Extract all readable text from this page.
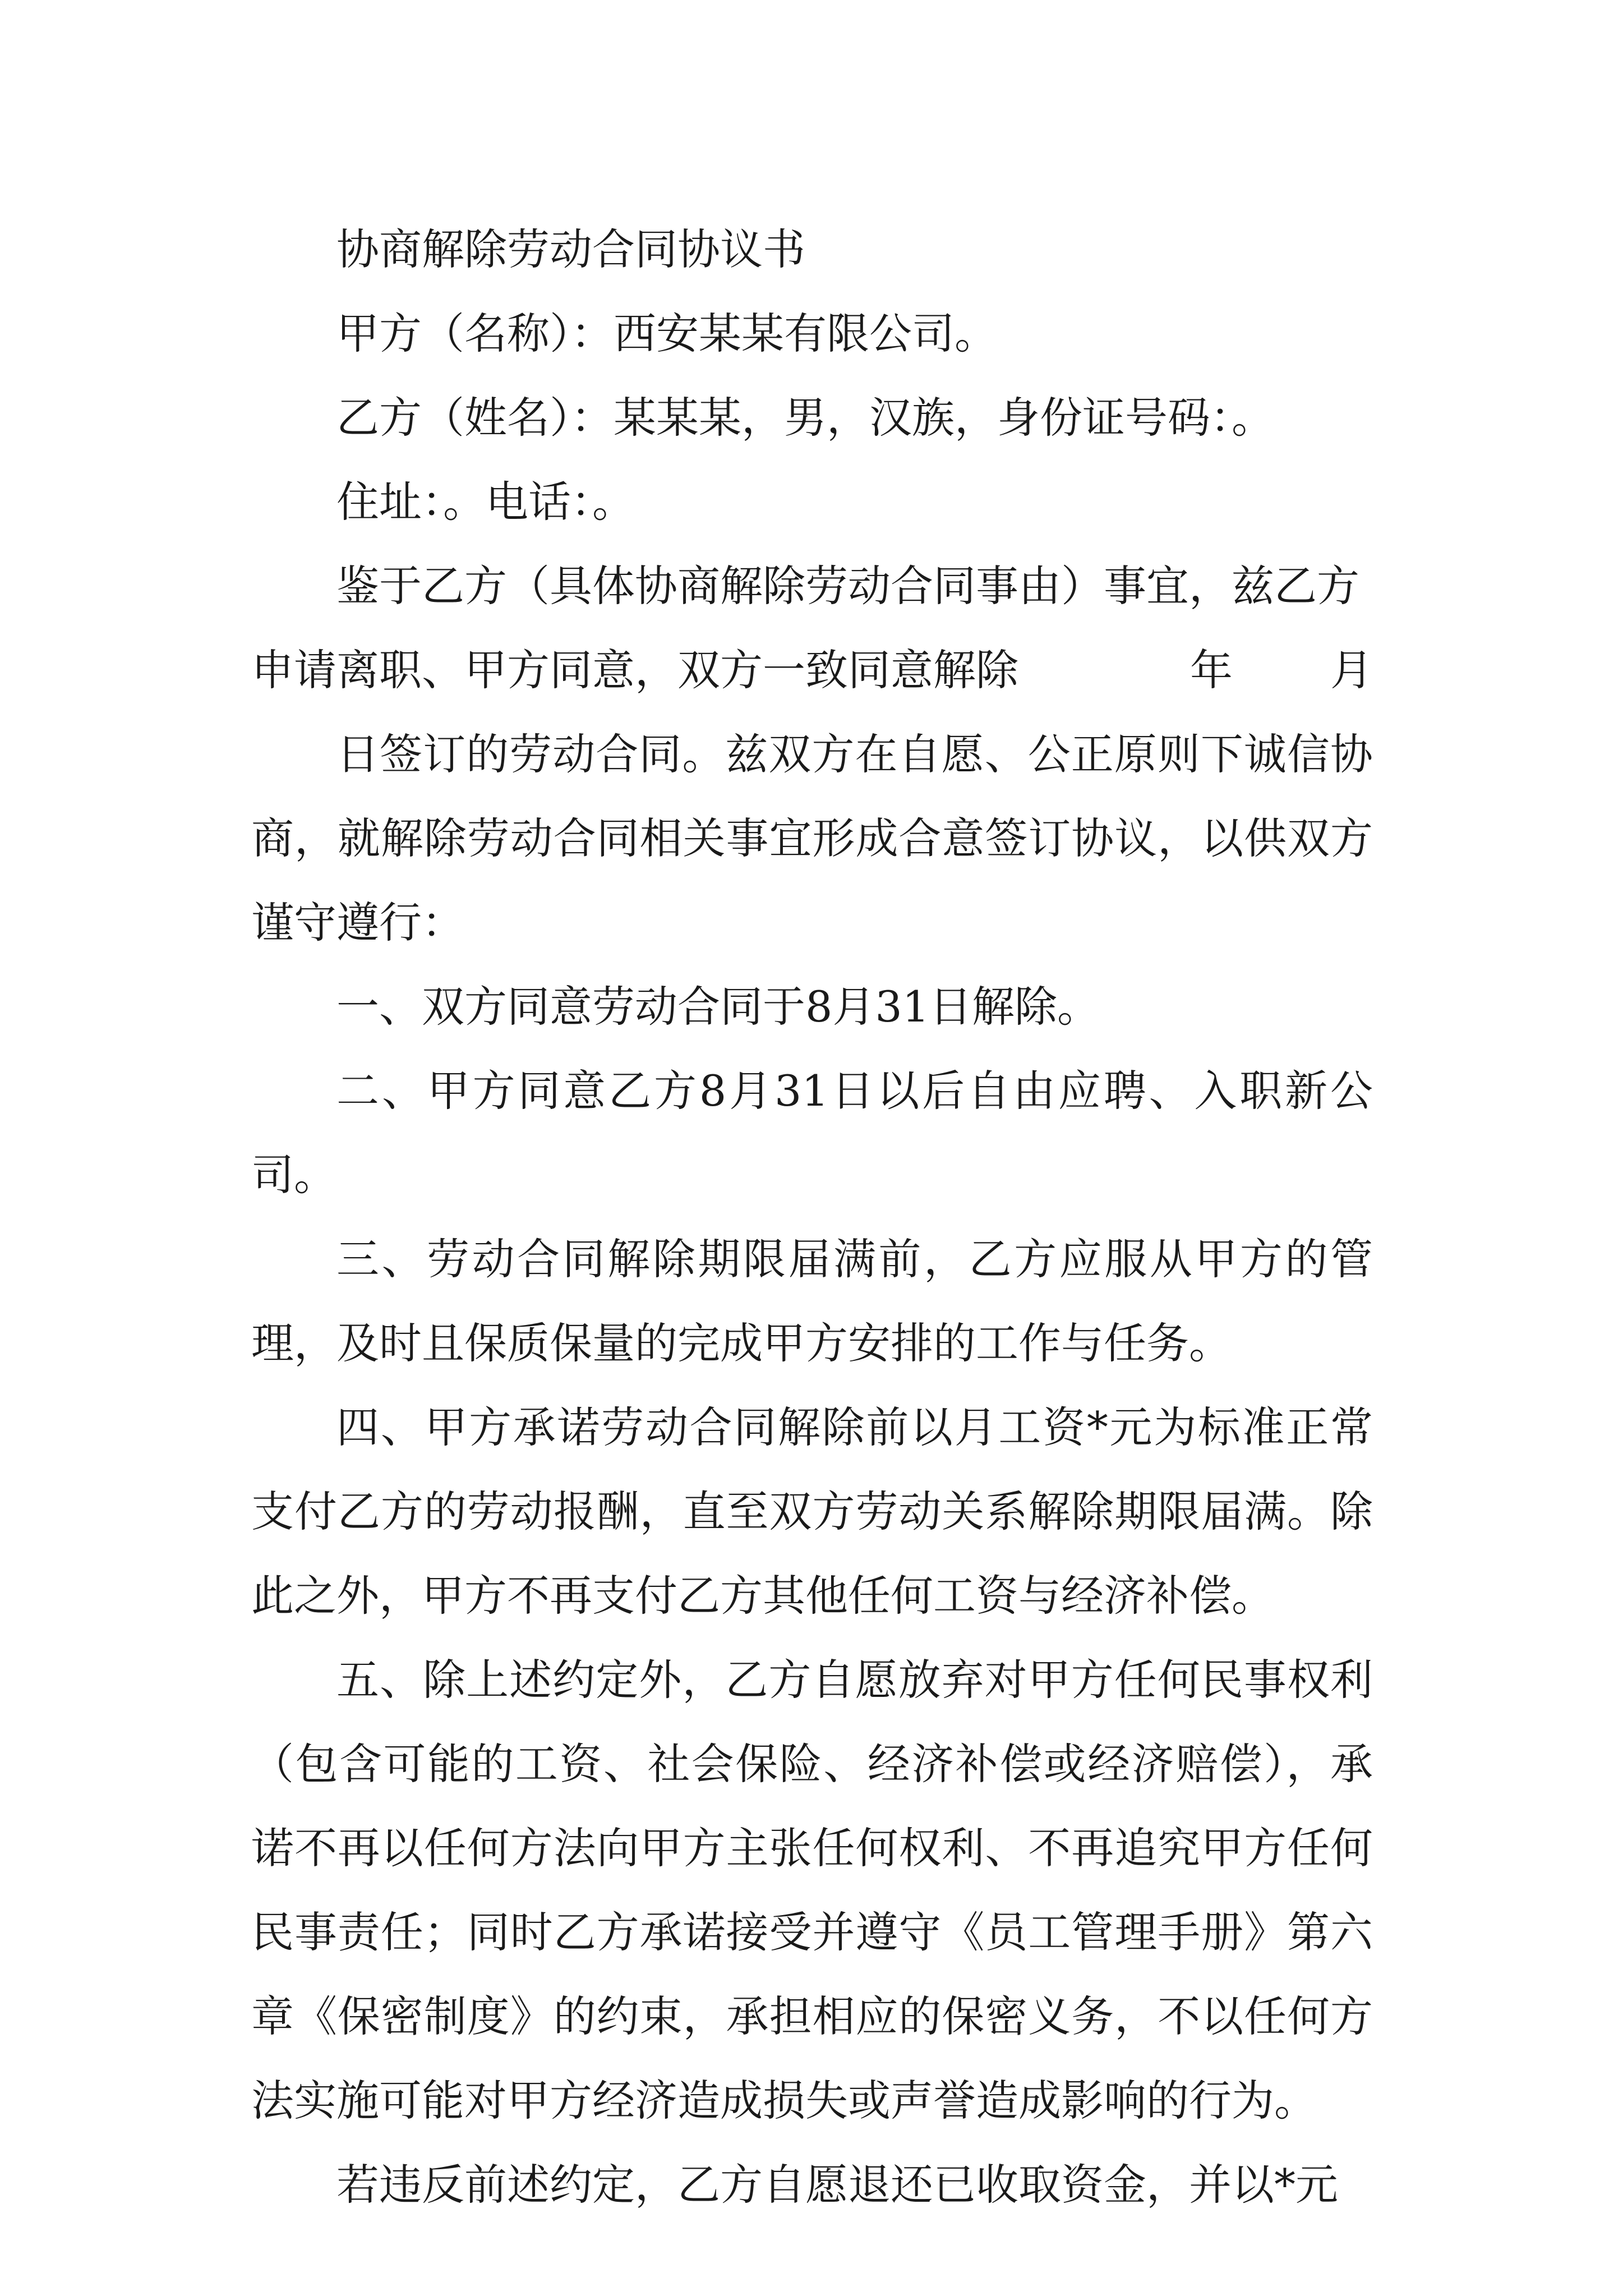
协商解除劳动合同协议书

甲方（名称）：西安某某有限公司。

乙方（姓名）：某某某，男，汉族，身份证号码：。

住址：。电话：。

鉴于乙方（具体协商解除劳动合同事由）事宜，兹乙方

申请离职、甲方同意，双方一致同意解除	年	月

日签订的劳动合同。兹双方在自愿、公正原则下诚信协商，就解除劳动合同相关事宜形成合意签订协议，以供双方谨守遵行：

一、双方同意劳动合同于8月31日解除。

二、甲方同意乙方8月31日以后自由应聘、入职新公司。

三、劳动合同解除期限届满前，乙方应服从甲方的管理，及时且保质保量的完成甲方安排的工作与任务。

四、甲方承诺劳动合同解除前以月工资*元为标准正常支付乙方的劳动报酬，直至双方劳动关系解除期限届满。除此之外，甲方不再支付乙方其他任何工资与经济补偿。

五、除上述约定外，乙方自愿放弃对甲方任何民事权利（包含可能的工资、社会保险、经济补偿或经济赔偿），承诺不再以任何方法向甲方主张任何权利、不再追究甲方任何民事责任；同时乙方承诺接受并遵守《员工管理手册》第六章《保密制度》的约束，承担相应的保密义务，不以任何方法实施可能对甲方经济造成损失或声誉造成影响的行为。

若违反前述约定，乙方自愿退还已收取资金，并以*元
